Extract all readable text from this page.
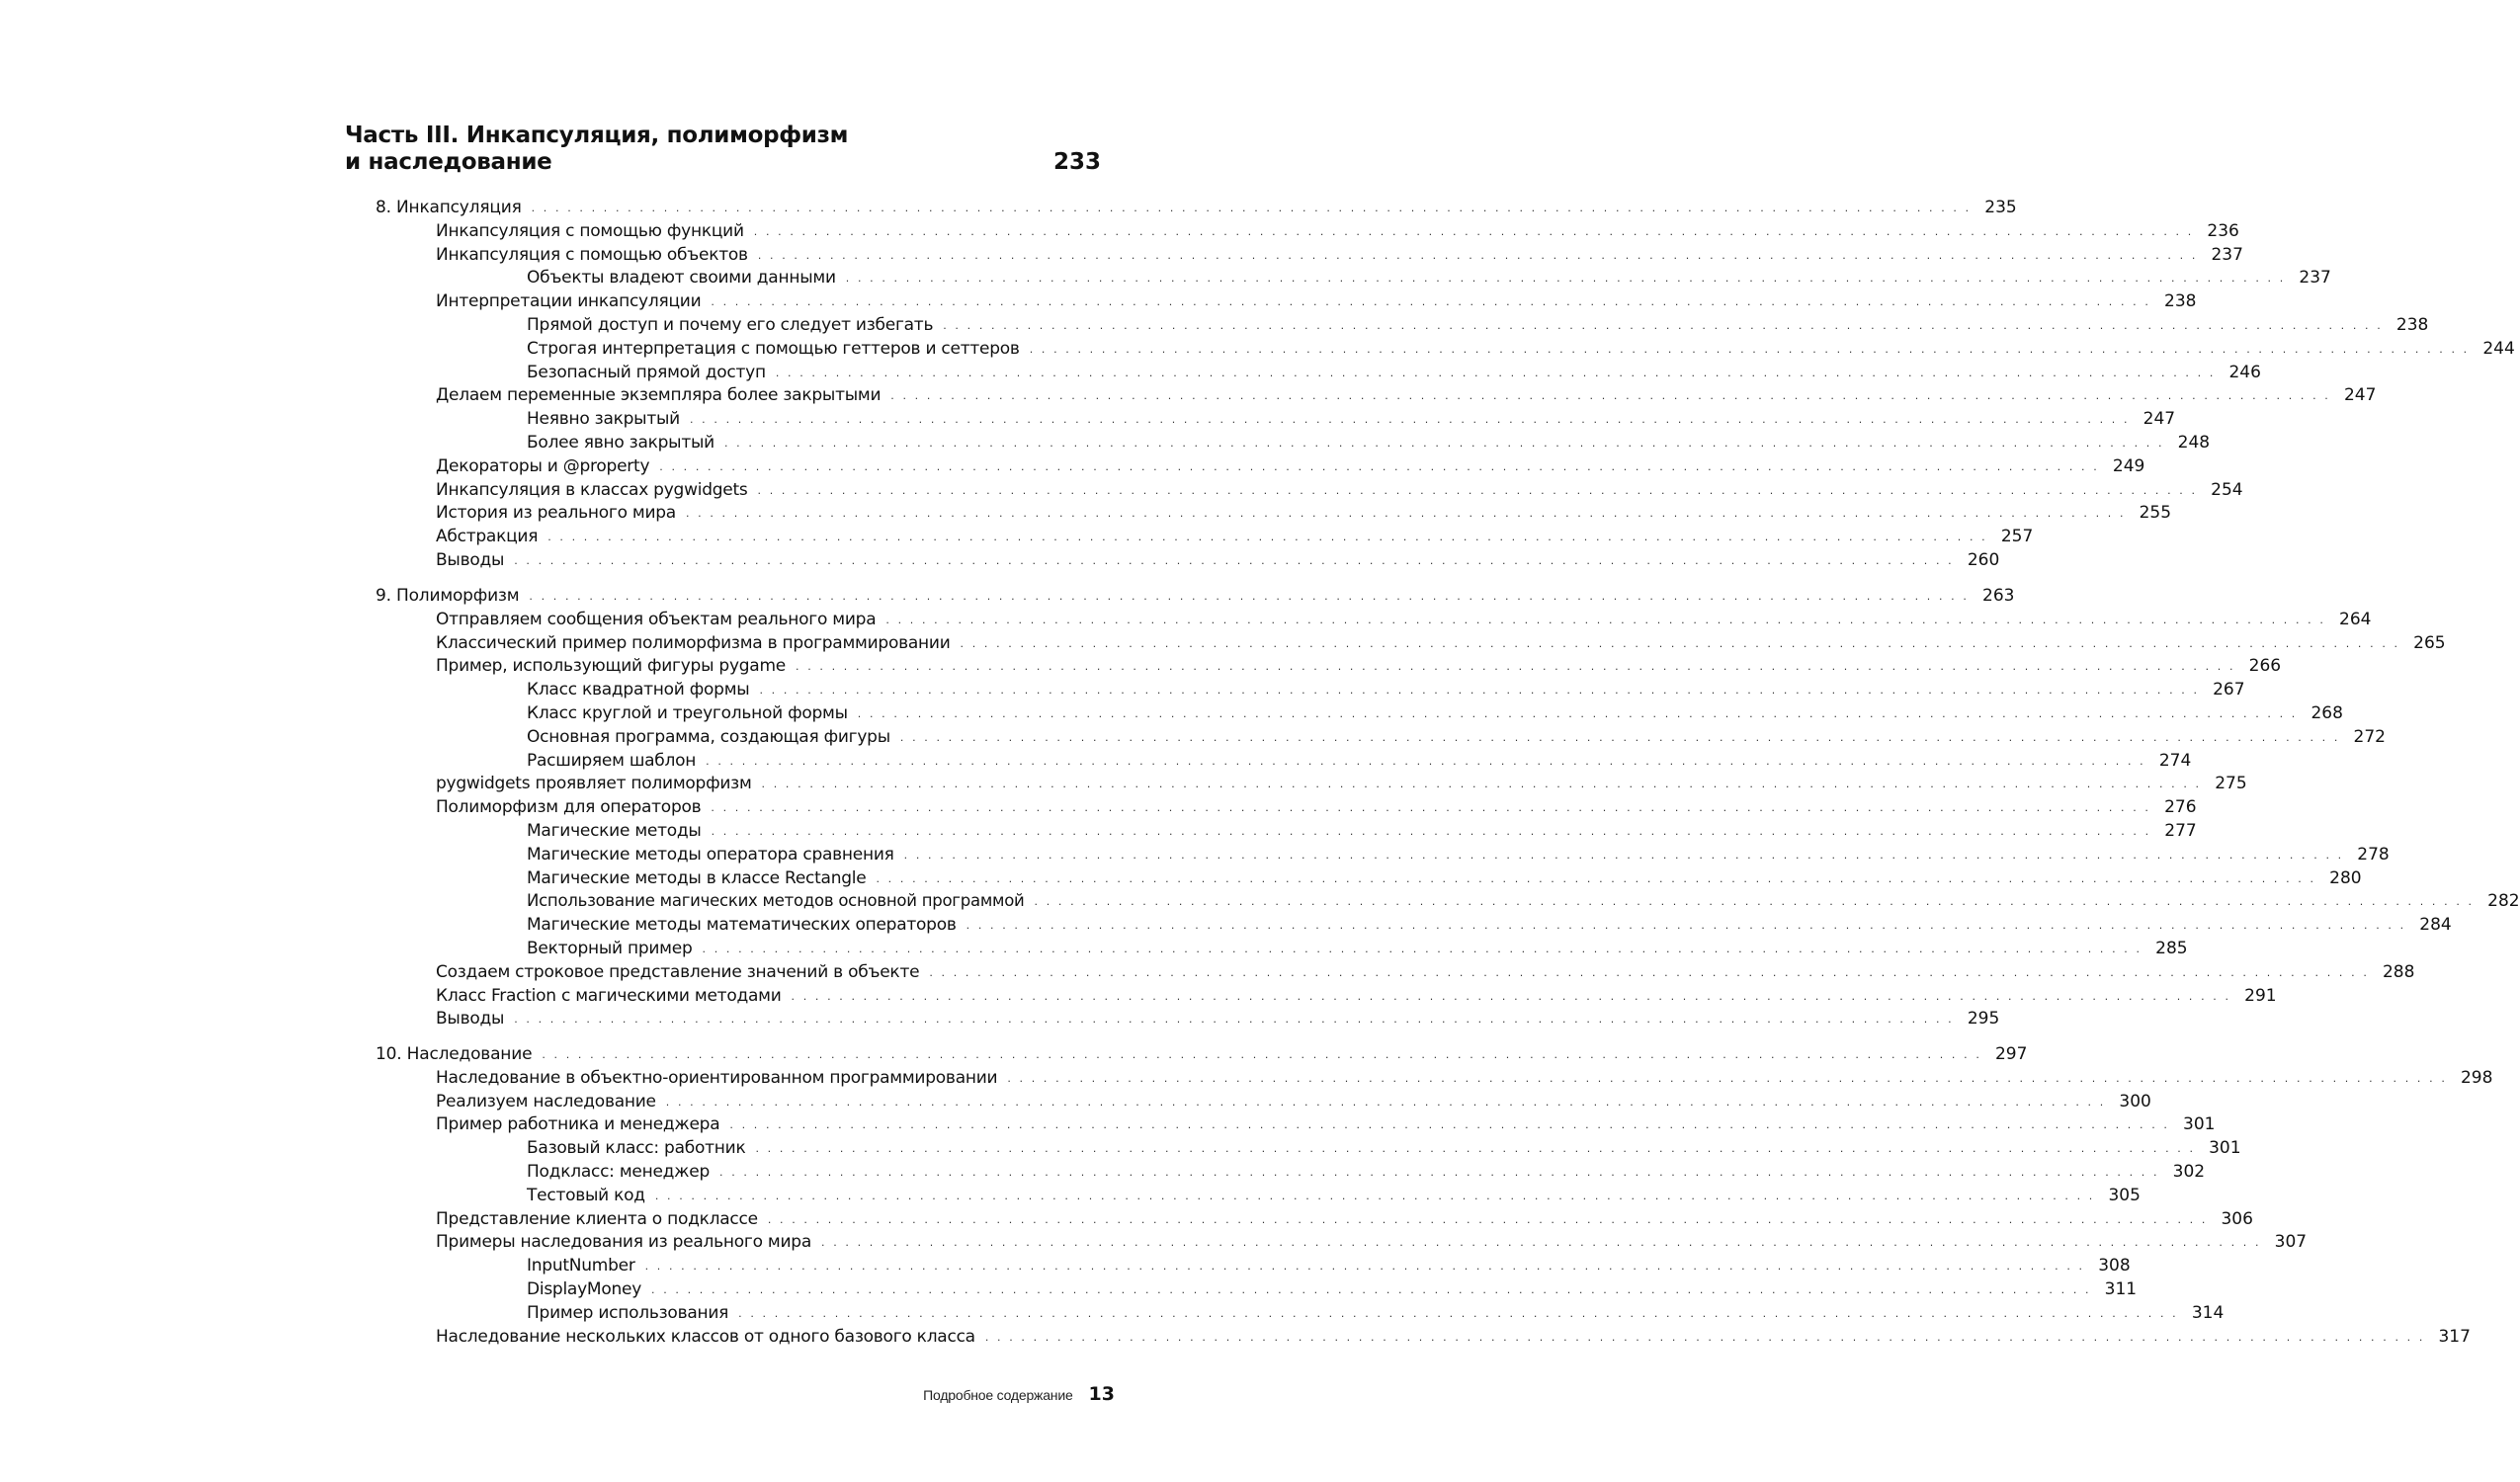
Часть III. Инкапсуляция, полиморфизм
и наследование	233
8. Инкапсуляция . . . . . . . . . . . . . . . . . . . . . . . . . . . . . . . . . . . . . . . . . . . . . . . . . . . . . . . . . . . . . . . . . . . . . . . . . . . . . . . . . . . . . . . . . . . . . . . . . . . . . . . . . . . . . . . . . . . . . . . . 235
Инкапсуляция с помощью функций . . . . . . . . . . . . . . . . . . . . . . . . . . . . . . . . . . . . . . . . . . . . . . . . . . . . . . . . . . . . . . . . . . . . . . . . . . . . . . . . . . . . . . . . . . . . . . . . . . . . . . . . . . . . . . . . . . . . . . . . 236
Инкапсуляция с помощью объектов . . . . . . . . . . . . . . . . . . . . . . . . . . . . . . . . . . . . . . . . . . . . . . . . . . . . . . . . . . . . . . . . . . . . . . . . . . . . . . . . . . . . . . . . . . . . . . . . . . . . . . . . . . . . . . . . . . . . . . . . 237
Объекты владеют своими данными . . . . . . . . . . . . . . . . . . . . . . . . . . . . . . . . . . . . . . . . . . . . . . . . . . . . . . . . . . . . . . . . . . . . . . . . . . . . . . . . . . . . . . . . . . . . . . . . . . . . . . . . . . . . . . . . . . . . . . . . 237
Интерпретации инкапсуляции . . . . . . . . . . . . . . . . . . . . . . . . . . . . . . . . . . . . . . . . . . . . . . . . . . . . . . . . . . . . . . . . . . . . . . . . . . . . . . . . . . . . . . . . . . . . . . . . . . . . . . . . . . . . . . . . . . . . . . . . 238
Прямой доступ и почему его следует избегать . . . . . . . . . . . . . . . . . . . . . . . . . . . . . . . . . . . . . . . . . . . . . . . . . . . . . . . . . . . . . . . . . . . . . . . . . . . . . . . . . . . . . . . . . . . . . . . . . . . . . . . . . . . . . . . . . . . . . . . . 238
Строгая интерпретация с помощью геттеров и сеттеров . . . . . . . . . . . . . . . . . . . . . . . . . . . . . . . . . . . . . . . . . . . . . . . . . . . . . . . . . . . . . . . . . . . . . . . . . . . . . . . . . . . . . . . . . . . . . . . . . . . . . . . . . . . . . . . . . . . . . . . . 244
Безопасный прямой доступ . . . . . . . . . . . . . . . . . . . . . . . . . . . . . . . . . . . . . . . . . . . . . . . . . . . . . . . . . . . . . . . . . . . . . . . . . . . . . . . . . . . . . . . . . . . . . . . . . . . . . . . . . . . . . . . . . . . . . . . . 246
Делаем переменные экземпляра более закрытыми . . . . . . . . . . . . . . . . . . . . . . . . . . . . . . . . . . . . . . . . . . . . . . . . . . . . . . . . . . . . . . . . . . . . . . . . . . . . . . . . . . . . . . . . . . . . . . . . . . . . . . . . . . . . . . . . . . . . . . . . 247
Неявно закрытый . . . . . . . . . . . . . . . . . . . . . . . . . . . . . . . . . . . . . . . . . . . . . . . . . . . . . . . . . . . . . . . . . . . . . . . . . . . . . . . . . . . . . . . . . . . . . . . . . . . . . . . . . . . . . . . . . . . . . . . . 247
Более явно закрытый . . . . . . . . . . . . . . . . . . . . . . . . . . . . . . . . . . . . . . . . . . . . . . . . . . . . . . . . . . . . . . . . . . . . . . . . . . . . . . . . . . . . . . . . . . . . . . . . . . . . . . . . . . . . . . . . . . . . . . . . 248
Декораторы и @property . . . . . . . . . . . . . . . . . . . . . . . . . . . . . . . . . . . . . . . . . . . . . . . . . . . . . . . . . . . . . . . . . . . . . . . . . . . . . . . . . . . . . . . . . . . . . . . . . . . . . . . . . . . . . . . . . . . . . . . . 249
Инкапсуляция в классах pygwidgets . . . . . . . . . . . . . . . . . . . . . . . . . . . . . . . . . . . . . . . . . . . . . . . . . . . . . . . . . . . . . . . . . . . . . . . . . . . . . . . . . . . . . . . . . . . . . . . . . . . . . . . . . . . . . . . . . . . . . . . . 254
История из реального мира . . . . . . . . . . . . . . . . . . . . . . . . . . . . . . . . . . . . . . . . . . . . . . . . . . . . . . . . . . . . . . . . . . . . . . . . . . . . . . . . . . . . . . . . . . . . . . . . . . . . . . . . . . . . . . . . . . . . . . . . 255
Абстракция . . . . . . . . . . . . . . . . . . . . . . . . . . . . . . . . . . . . . . . . . . . . . . . . . . . . . . . . . . . . . . . . . . . . . . . . . . . . . . . . . . . . . . . . . . . . . . . . . . . . . . . . . . . . . . . . . . . . . . . . 257
Выводы . . . . . . . . . . . . . . . . . . . . . . . . . . . . . . . . . . . . . . . . . . . . . . . . . . . . . . . . . . . . . . . . . . . . . . . . . . . . . . . . . . . . . . . . . . . . . . . . . . . . . . . . . . . . . . . . . . . . . . . . 260
9. Полиморфизм . . . . . . . . . . . . . . . . . . . . . . . . . . . . . . . . . . . . . . . . . . . . . . . . . . . . . . . . . . . . . . . . . . . . . . . . . . . . . . . . . . . . . . . . . . . . . . . . . . . . . . . . . . . . . . . . . . . . . . . . 263
Отправляем сообщения объектам реального мира . . . . . . . . . . . . . . . . . . . . . . . . . . . . . . . . . . . . . . . . . . . . . . . . . . . . . . . . . . . . . . . . . . . . . . . . . . . . . . . . . . . . . . . . . . . . . . . . . . . . . . . . . . . . . . . . . . . . . . . . 264
Классический пример полиморфизма в программировании . . . . . . . . . . . . . . . . . . . . . . . . . . . . . . . . . . . . . . . . . . . . . . . . . . . . . . . . . . . . . . . . . . . . . . . . . . . . . . . . . . . . . . . . . . . . . . . . . . . . . . . . . . . . . . . . . . . . . . . . 265
Пример, использующий фигуры pygame . . . . . . . . . . . . . . . . . . . . . . . . . . . . . . . . . . . . . . . . . . . . . . . . . . . . . . . . . . . . . . . . . . . . . . . . . . . . . . . . . . . . . . . . . . . . . . . . . . . . . . . . . . . . . . . . . . . . . . . . 266
Класс квадратной формы . . . . . . . . . . . . . . . . . . . . . . . . . . . . . . . . . . . . . . . . . . . . . . . . . . . . . . . . . . . . . . . . . . . . . . . . . . . . . . . . . . . . . . . . . . . . . . . . . . . . . . . . . . . . . . . . . . . . . . . . 267
Класс круглой и треугольной формы . . . . . . . . . . . . . . . . . . . . . . . . . . . . . . . . . . . . . . . . . . . . . . . . . . . . . . . . . . . . . . . . . . . . . . . . . . . . . . . . . . . . . . . . . . . . . . . . . . . . . . . . . . . . . . . . . . . . . . . . 268
Основная программа, создающая фигуры . . . . . . . . . . . . . . . . . . . . . . . . . . . . . . . . . . . . . . . . . . . . . . . . . . . . . . . . . . . . . . . . . . . . . . . . . . . . . . . . . . . . . . . . . . . . . . . . . . . . . . . . . . . . . . . . . . . . . . . . 272
Расширяем шаблон . . . . . . . . . . . . . . . . . . . . . . . . . . . . . . . . . . . . . . . . . . . . . . . . . . . . . . . . . . . . . . . . . . . . . . . . . . . . . . . . . . . . . . . . . . . . . . . . . . . . . . . . . . . . . . . . . . . . . . . . 274
pygwidgets проявляет полиморфизм . . . . . . . . . . . . . . . . . . . . . . . . . . . . . . . . . . . . . . . . . . . . . . . . . . . . . . . . . . . . . . . . . . . . . . . . . . . . . . . . . . . . . . . . . . . . . . . . . . . . . . . . . . . . . . . . . . . . . . . . 275
Полиморфизм для операторов . . . . . . . . . . . . . . . . . . . . . . . . . . . . . . . . . . . . . . . . . . . . . . . . . . . . . . . . . . . . . . . . . . . . . . . . . . . . . . . . . . . . . . . . . . . . . . . . . . . . . . . . . . . . . . . . . . . . . . . . 276
Магические методы . . . . . . . . . . . . . . . . . . . . . . . . . . . . . . . . . . . . . . . . . . . . . . . . . . . . . . . . . . . . . . . . . . . . . . . . . . . . . . . . . . . . . . . . . . . . . . . . . . . . . . . . . . . . . . . . . . . . . . . . 277
Магические методы оператора сравнения . . . . . . . . . . . . . . . . . . . . . . . . . . . . . . . . . . . . . . . . . . . . . . . . . . . . . . . . . . . . . . . . . . . . . . . . . . . . . . . . . . . . . . . . . . . . . . . . . . . . . . . . . . . . . . . . . . . . . . . . 278
Магические методы в классе Rectangle . . . . . . . . . . . . . . . . . . . . . . . . . . . . . . . . . . . . . . . . . . . . . . . . . . . . . . . . . . . . . . . . . . . . . . . . . . . . . . . . . . . . . . . . . . . . . . . . . . . . . . . . . . . . . . . . . . . . . . . . 280
Использование магических методов основной программой . . . . . . . . . . . . . . . . . . . . . . . . . . . . . . . . . . . . . . . . . . . . . . . . . . . . . . . . . . . . . . . . . . . . . . . . . . . . . . . . . . . . . . . . . . . . . . . . . . . . . . . . . . . . . . . . . . . . . . . . 282
Магические методы математических операторов . . . . . . . . . . . . . . . . . . . . . . . . . . . . . . . . . . . . . . . . . . . . . . . . . . . . . . . . . . . . . . . . . . . . . . . . . . . . . . . . . . . . . . . . . . . . . . . . . . . . . . . . . . . . . . . . . . . . . . . . 284
Векторный пример . . . . . . . . . . . . . . . . . . . . . . . . . . . . . . . . . . . . . . . . . . . . . . . . . . . . . . . . . . . . . . . . . . . . . . . . . . . . . . . . . . . . . . . . . . . . . . . . . . . . . . . . . . . . . . . . . . . . . . . . 285
Создаем строковое представление значений в объекте . . . . . . . . . . . . . . . . . . . . . . . . . . . . . . . . . . . . . . . . . . . . . . . . . . . . . . . . . . . . . . . . . . . . . . . . . . . . . . . . . . . . . . . . . . . . . . . . . . . . . . . . . . . . . . . . . . . . . . . . 288
Класс Fraction с магическими методами . . . . . . . . . . . . . . . . . . . . . . . . . . . . . . . . . . . . . . . . . . . . . . . . . . . . . . . . . . . . . . . . . . . . . . . . . . . . . . . . . . . . . . . . . . . . . . . . . . . . . . . . . . . . . . . . . . . . . . . . 291
Выводы . . . . . . . . . . . . . . . . . . . . . . . . . . . . . . . . . . . . . . . . . . . . . . . . . . . . . . . . . . . . . . . . . . . . . . . . . . . . . . . . . . . . . . . . . . . . . . . . . . . . . . . . . . . . . . . . . . . . . . . . 295
10. Наследование . . . . . . . . . . . . . . . . . . . . . . . . . . . . . . . . . . . . . . . . . . . . . . . . . . . . . . . . . . . . . . . . . . . . . . . . . . . . . . . . . . . . . . . . . . . . . . . . . . . . . . . . . . . . . . . . . . . . . . . . 297
Наследование в объектно-ориентированном программировании . . . . . . . . . . . . . . . . . . . . . . . . . . . . . . . . . . . . . . . . . . . . . . . . . . . . . . . . . . . . . . . . . . . . . . . . . . . . . . . . . . . . . . . . . . . . . . . . . . . . . . . . . . . . . . . . . . . . . . . . 298
Реализуем наследование . . . . . . . . . . . . . . . . . . . . . . . . . . . . . . . . . . . . . . . . . . . . . . . . . . . . . . . . . . . . . . . . . . . . . . . . . . . . . . . . . . . . . . . . . . . . . . . . . . . . . . . . . . . . . . . . . . . . . . . . 300
Пример работника и менеджера . . . . . . . . . . . . . . . . . . . . . . . . . . . . . . . . . . . . . . . . . . . . . . . . . . . . . . . . . . . . . . . . . . . . . . . . . . . . . . . . . . . . . . . . . . . . . . . . . . . . . . . . . . . . . . . . . . . . . . . . 301
Базовый класс: работник . . . . . . . . . . . . . . . . . . . . . . . . . . . . . . . . . . . . . . . . . . . . . . . . . . . . . . . . . . . . . . . . . . . . . . . . . . . . . . . . . . . . . . . . . . . . . . . . . . . . . . . . . . . . . . . . . . . . . . . . 301
Подкласс: менеджер . . . . . . . . . . . . . . . . . . . . . . . . . . . . . . . . . . . . . . . . . . . . . . . . . . . . . . . . . . . . . . . . . . . . . . . . . . . . . . . . . . . . . . . . . . . . . . . . . . . . . . . . . . . . . . . . . . . . . . . . 302
Тестовый код . . . . . . . . . . . . . . . . . . . . . . . . . . . . . . . . . . . . . . . . . . . . . . . . . . . . . . . . . . . . . . . . . . . . . . . . . . . . . . . . . . . . . . . . . . . . . . . . . . . . . . . . . . . . . . . . . . . . . . . . 305
Представление клиента о подклассе . . . . . . . . . . . . . . . . . . . . . . . . . . . . . . . . . . . . . . . . . . . . . . . . . . . . . . . . . . . . . . . . . . . . . . . . . . . . . . . . . . . . . . . . . . . . . . . . . . . . . . . . . . . . . . . . . . . . . . . . 306
Примеры наследования из реального мира . . . . . . . . . . . . . . . . . . . . . . . . . . . . . . . . . . . . . . . . . . . . . . . . . . . . . . . . . . . . . . . . . . . . . . . . . . . . . . . . . . . . . . . . . . . . . . . . . . . . . . . . . . . . . . . . . . . . . . . . 307
InputNumber . . . . . . . . . . . . . . . . . . . . . . . . . . . . . . . . . . . . . . . . . . . . . . . . . . . . . . . . . . . . . . . . . . . . . . . . . . . . . . . . . . . . . . . . . . . . . . . . . . . . . . . . . . . . . . . . . . . . . . . . 308
DisplayMoney . . . . . . . . . . . . . . . . . . . . . . . . . . . . . . . . . . . . . . . . . . . . . . . . . . . . . . . . . . . . . . . . . . . . . . . . . . . . . . . . . . . . . . . . . . . . . . . . . . . . . . . . . . . . . . . . . . . . . . . . 311
Пример использования . . . . . . . . . . . . . . . . . . . . . . . . . . . . . . . . . . . . . . . . . . . . . . . . . . . . . . . . . . . . . . . . . . . . . . . . . . . . . . . . . . . . . . . . . . . . . . . . . . . . . . . . . . . . . . . . . . . . . . . . 314
Наследование нескольких классов от одного базового класса . . . . . . . . . . . . . . . . . . . . . . . . . . . . . . . . . . . . . . . . . . . . . . . . . . . . . . . . . . . . . . . . . . . . . . . . . . . . . . . . . . . . . . . . . . . . . . . . . . . . . . . . . . . . . . . . . . . . . . . . 317
Подробное содержание 13
